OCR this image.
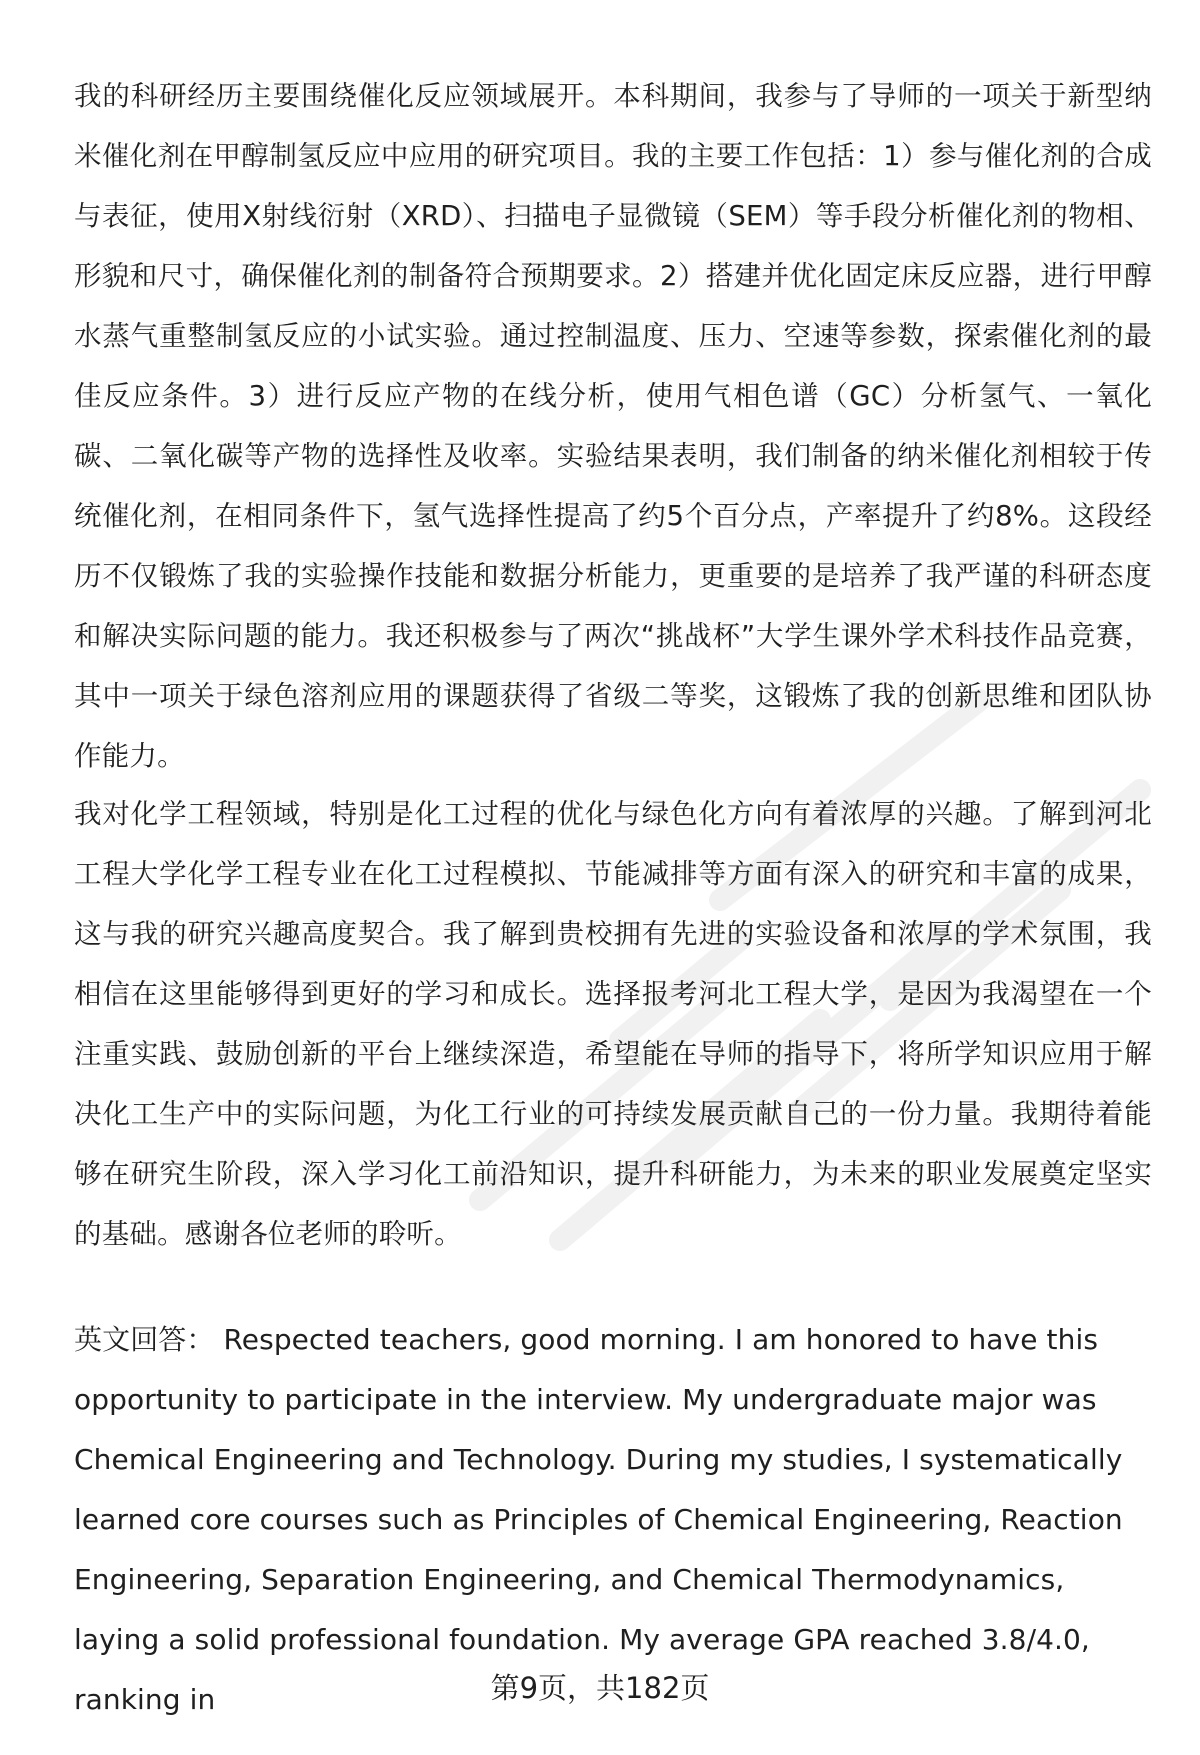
我的科研经历主要围绕催化反应领域展开。本科期间，我参与了导师的一项关于新型纳米催化剂在甲醇制氢反应中应用的研究项目。我的主要工作包括：1）参与催化剂的合成与表征，使用X射线衍射（XRD）、扫描电子显微镜（SEM）等手段分析催化剂的物相、形貌和尺寸，确保催化剂的制备符合预期要求。2）搭建并优化固定床反应器，进行甲醇水蒸气重整制氢反应的小试实验。通过控制温度、压力、空速等参数，探索催化剂的最佳反应条件。3）进行反应产物的在线分析，使用气相色谱（GC）分析氢气、一氧化碳、二氧化碳等产物的选择性及收率。实验结果表明，我们制备的纳米催化剂相较于传统催化剂，在相同条件下，氢气选择性提高了约5个百分点，产率提升了约8%。这段经历不仅锻炼了我的实验操作技能和数据分析能力，更重要的是培养了我严谨的科研态度和解决实际问题的能力。我还积极参与了两次“挑战杯”大学生课外学术科技作品竞赛，其中一项关于绿色溶剂应用的课题获得了省级二等奖，这锻炼了我的创新思维和团队协作能力。

我对化学工程领域，特别是化工过程的优化与绿色化方向有着浓厚的兴趣。了解到河北工程大学化学工程专业在化工过程模拟、节能减排等方面有深入的研究和丰富的成果，这与我的研究兴趣高度契合。我了解到贵校拥有先进的实验设备和浓厚的学术氛围，我相信在这里能够得到更好的学习和成长。选择报考河北工程大学，是因为我渴望在一个注重实践、鼓励创新的平台上继续深造，希望能在导师的指导下，将所学知识应用于解决化工生产中的实际问题，为化工行业的可持续发展贡献自己的一份力量。我期待着能够在研究生阶段，深入学习化工前沿知识，提升科研能力，为未来的职业发展奠定坚实的基础。感谢各位老师的聆听。

英文回答： Respected teachers, good morning. I am honored to have this opportunity to participate in the interview. My undergraduate major was Chemical Engineering and Technology. During my studies, I systematically learned core courses such as Principles of Chemical Engineering, Reaction Engineering, Separation Engineering, and Chemical Thermodynamics, laying a solid professional foundation. My average GPA reached 3.8/4.0, ranking in	第9页，共182页
